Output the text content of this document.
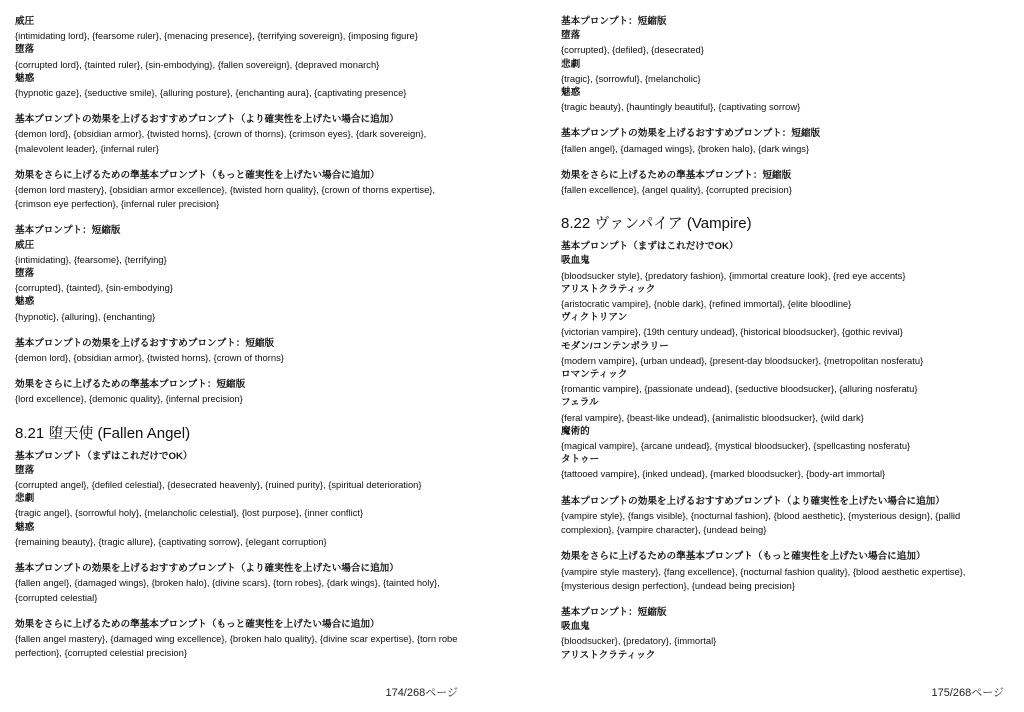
威圧
{intimidating lord}, {fearsome ruler}, {menacing presence}, {terrifying sovereign}, {imposing figure}
堕落
{corrupted lord}, {tainted ruler}, {sin-embodying}, {fallen sovereign}, {depraved monarch}
魅惑
{hypnotic gaze}, {seductive smile}, {alluring posture}, {enchanting aura}, {captivating presence}
基本プロンプトの効果を上げるおすすめプロンプト（より確実性を上げたい場合に追加）
{demon lord}, {obsidian armor}, {twisted horns}, {crown of thorns}, {crimson eyes}, {dark sovereign}, {malevolent leader}, {infernal ruler}
効果をさらに上げるための準基本プロンプト（もっと確実性を上げたい場合に追加）
{demon lord mastery}, {obsidian armor excellence}, {twisted horn quality}, {crown of thorns expertise}, {crimson eye perfection}, {infernal ruler precision}
基本プロンプト：短縮版
威圧
{intimidating}, {fearsome}, {terrifying}
堕落
{corrupted}, {tainted}, {sin-embodying}
魅惑
{hypnotic}, {alluring}, {enchanting}
基本プロンプトの効果を上げるおすすめプロンプト：短縮版
{demon lord}, {obsidian armor}, {twisted horns}, {crown of thorns}
効果をさらに上げるための準基本プロンプト：短縮版
{lord excellence}, {demonic quality}, {infernal precision}
8.21 堕天使 (Fallen Angel)
基本プロンプト（まずはこれだけでOK）
堕落
{corrupted angel}, {defiled celestial}, {desecrated heavenly}, {ruined purity}, {spiritual deterioration}
悲劇
{tragic angel}, {sorrowful holy}, {melancholic celestial}, {lost purpose}, {inner conflict}
魅惑
{remaining beauty}, {tragic allure}, {captivating sorrow}, {elegant corruption}
基本プロンプトの効果を上げるおすすめプロンプト（より確実性を上げたい場合に追加）
{fallen angel}, {damaged wings}, {broken halo}, {divine scars}, {torn robes}, {dark wings}, {tainted holy}, {corrupted celestial}
効果をさらに上げるための準基本プロンプト（もっと確実性を上げたい場合に追加）
{fallen angel mastery}, {damaged wing excellence}, {broken halo quality}, {divine scar expertise}, {torn robe perfection}, {corrupted celestial precision}
基本プロンプト：短縮版
堕落
{corrupted}, {defiled}, {desecrated}
悲劇
{tragic}, {sorrowful}, {melancholic}
魅惑
{tragic beauty}, {hauntingly beautiful}, {captivating sorrow}
基本プロンプトの効果を上げるおすすめプロンプト：短縮版
{fallen angel}, {damaged wings}, {broken halo}, {dark wings}
効果をさらに上げるための準基本プロンプト：短縮版
{fallen excellence}, {angel quality}, {corrupted precision}
8.22 ヴァンパイア (Vampire)
基本プロンプト（まずはこれだけでOK）
吸血鬼
{bloodsucker style}, {predatory fashion}, {immortal creature look}, {red eye accents}
アリストクラティック
{aristocratic vampire}, {noble dark}, {refined immortal}, {elite bloodline}
ヴィクトリアン
{victorian vampire}, {19th century undead}, {historical bloodsucker}, {gothic revival}
モダン/コンテンポラリー
{modern vampire}, {urban undead}, {present-day bloodsucker}, {metropolitan nosferatu}
ロマンティック
{romantic vampire}, {passionate undead}, {seductive bloodsucker}, {alluring nosferatu}
フェラル
{feral vampire}, {beast-like undead}, {animalistic bloodsucker}, {wild dark}
魔術的
{magical vampire}, {arcane undead}, {mystical bloodsucker}, {spellcasting nosferatu}
タトゥー
{tattooed vampire}, {inked undead}, {marked bloodsucker}, {body-art immortal}
基本プロンプトの効果を上げるおすすめプロンプト（より確実性を上げたい場合に追加）
{vampire style}, {fangs visible}, {nocturnal fashion}, {blood aesthetic}, {mysterious design}, {pallid complexion}, {vampire character}, {undead being}
効果をさらに上げるための準基本プロンプト（もっと確実性を上げたい場合に追加）
{vampire style mastery}, {fang excellence}, {nocturnal fashion quality}, {blood aesthetic expertise}, {mysterious design perfection}, {undead being precision}
基本プロンプト：短縮版
吸血鬼
{bloodsucker}, {predatory}, {immortal}
アリストクラティック
174/268ページ	175/268ページ
